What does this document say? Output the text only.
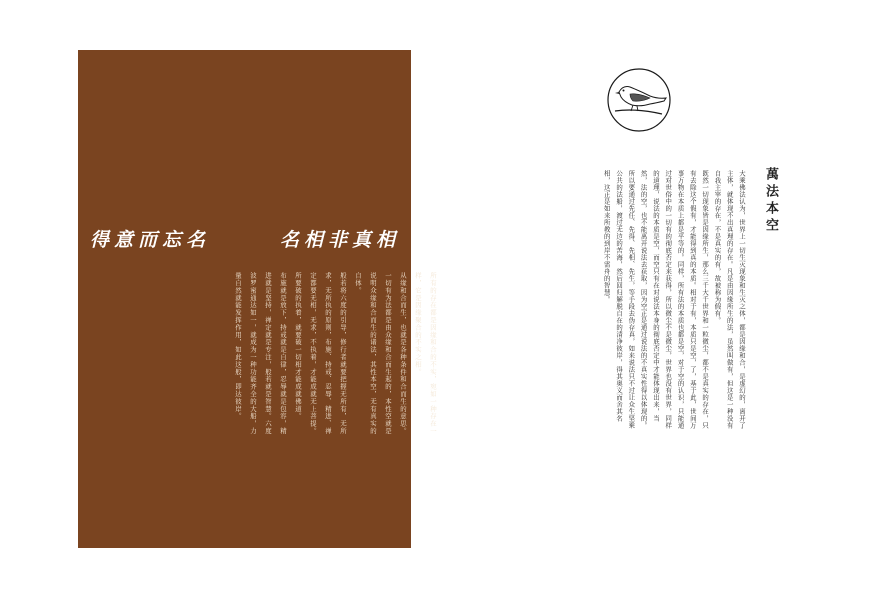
得意而忘名	名相非真相

所有的存在都是因缘和合的不实，宛如一种存在一样，它是因缘聚合的不实之相。

从缘和合而生，也就是各种条件和合而生的意思。一切有为法都是由众缘和合而生起的，本性空就是说明众缘和合而生的诸法，其性本空，无有真实的自体。

般若将六度的引导，修行者就要把握无所有，无所求，无所执的原则，布施、持戒、忍辱、精进、禅定都要无相，无求，不执着，才能成就无上菩提。所要破的执着，就要破一切相才能成就佛道。

布施就是放下，持戒就是自律，忍辱就是包容，精进就是坚持，禅定就是专注，般若就是智慧。六度波罗蜜通达如一，就成为一种功能齐全的大船，力量自然就能发挥作用，如此这般，即达彼岸。

萬法本空

大乘佛法认为，世界上一切生灭现象和生灭之体，都是因缘和合，是虚幻的，离开了主体，就体现不出真理的存在。凡是由因缘所生的法，虽然叫做有，但这是一种没有自我主宰的存在，不是真实的有，故被称为假有。

既然一切现象皆是因缘所生，那么三千大千世界和一粒微尘，都不是真实的存在，只有去除这个假有，才能得到真的本质。相对于有，本质只是空，了，基于此，世间万事万物在本质上都是平等的。同样，所有法的本质也都是空，对于空的认识，只能通过对世俗中的一切有的彻底否定来获得，所以微尘不是微尘，世界也没有世界，同样的道理，说法的本质是空，而空只有在对说法本身的彻底否定中才能体现出来，当然，法的空，也不能离开说法去获取，因为空正是通过说法的不真实性得以体现的。

所以要通过先任、先得、先相、先生，等手段去伪存真，如来说法只不过让众生坚乘公共的法船，渡过无边的苦海，然后回归解脱自在的清净彼岸，得其奥义而舍其名相，这正是如来所教的到岸不需舟的智慧。
